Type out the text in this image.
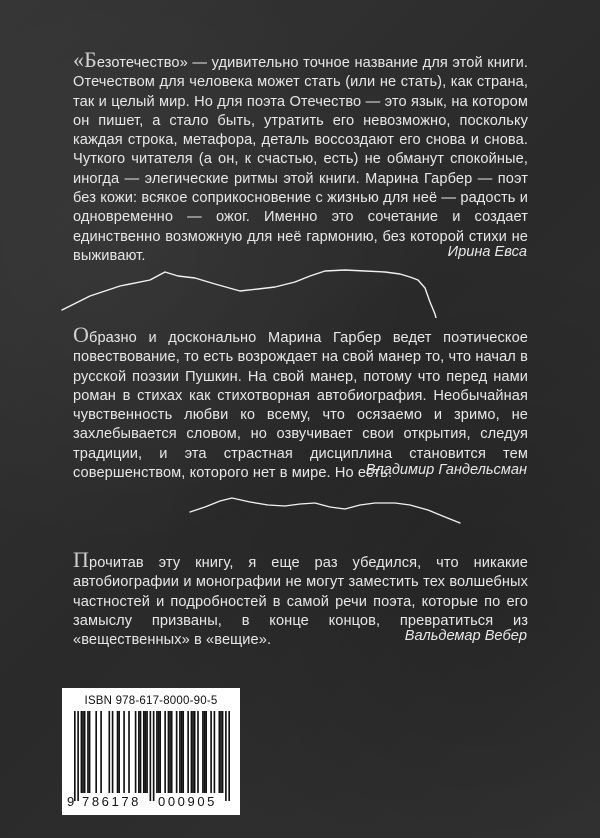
«Безотечество» — удивительно точное название для этой книги. Отечеством для человека может стать (или не стать), как страна, так и целый мир. Но для поэта Отечество — это язык, на котором он пишет, а стало быть, утратить его невозможно, поскольку каждая строка, метафора, деталь воссоздают его снова и снова. Чуткого читателя (а он, к счастью, есть) не обманут спокойные, иногда — элегические ритмы этой книги. Марина Гарбер — поэт без кожи: всякое соприкосновение с жизнью для неё — радость и одновременно — ожог. Именно это сочетание и создает единственно возможную для неё гармонию, без которой стихи не выживают.	Ирина Евса

Образно и досконально Марина Гарбер ведет поэтическое повествование, то есть возрождает на свой манер то, что начал в русской поэзии Пушкин. На свой манер, потому что перед нами роман в стихах как стихотворная автобиография. Необычайная чувственность любви ко всему, что осязаемо и зримо, не захлебывается словом, но озвучивает свои открытия, следуя традиции, и эта страстная дисциплина становится тем совершенством, которого нет в мире. Но есть.

Владимир Гандельсман

Прочитав эту книгу, я еще раз убедился, что никакие автобиографии и монографии не могут заместить тех волшебных частностей и подробностей в самой речи поэта, которые по его замыслу призваны, в конце концов, превратиться из «вещественных» в «вещие».	Вальдемар Вебер
ISBN 978-617-8000-90-5
9 786178 000905
